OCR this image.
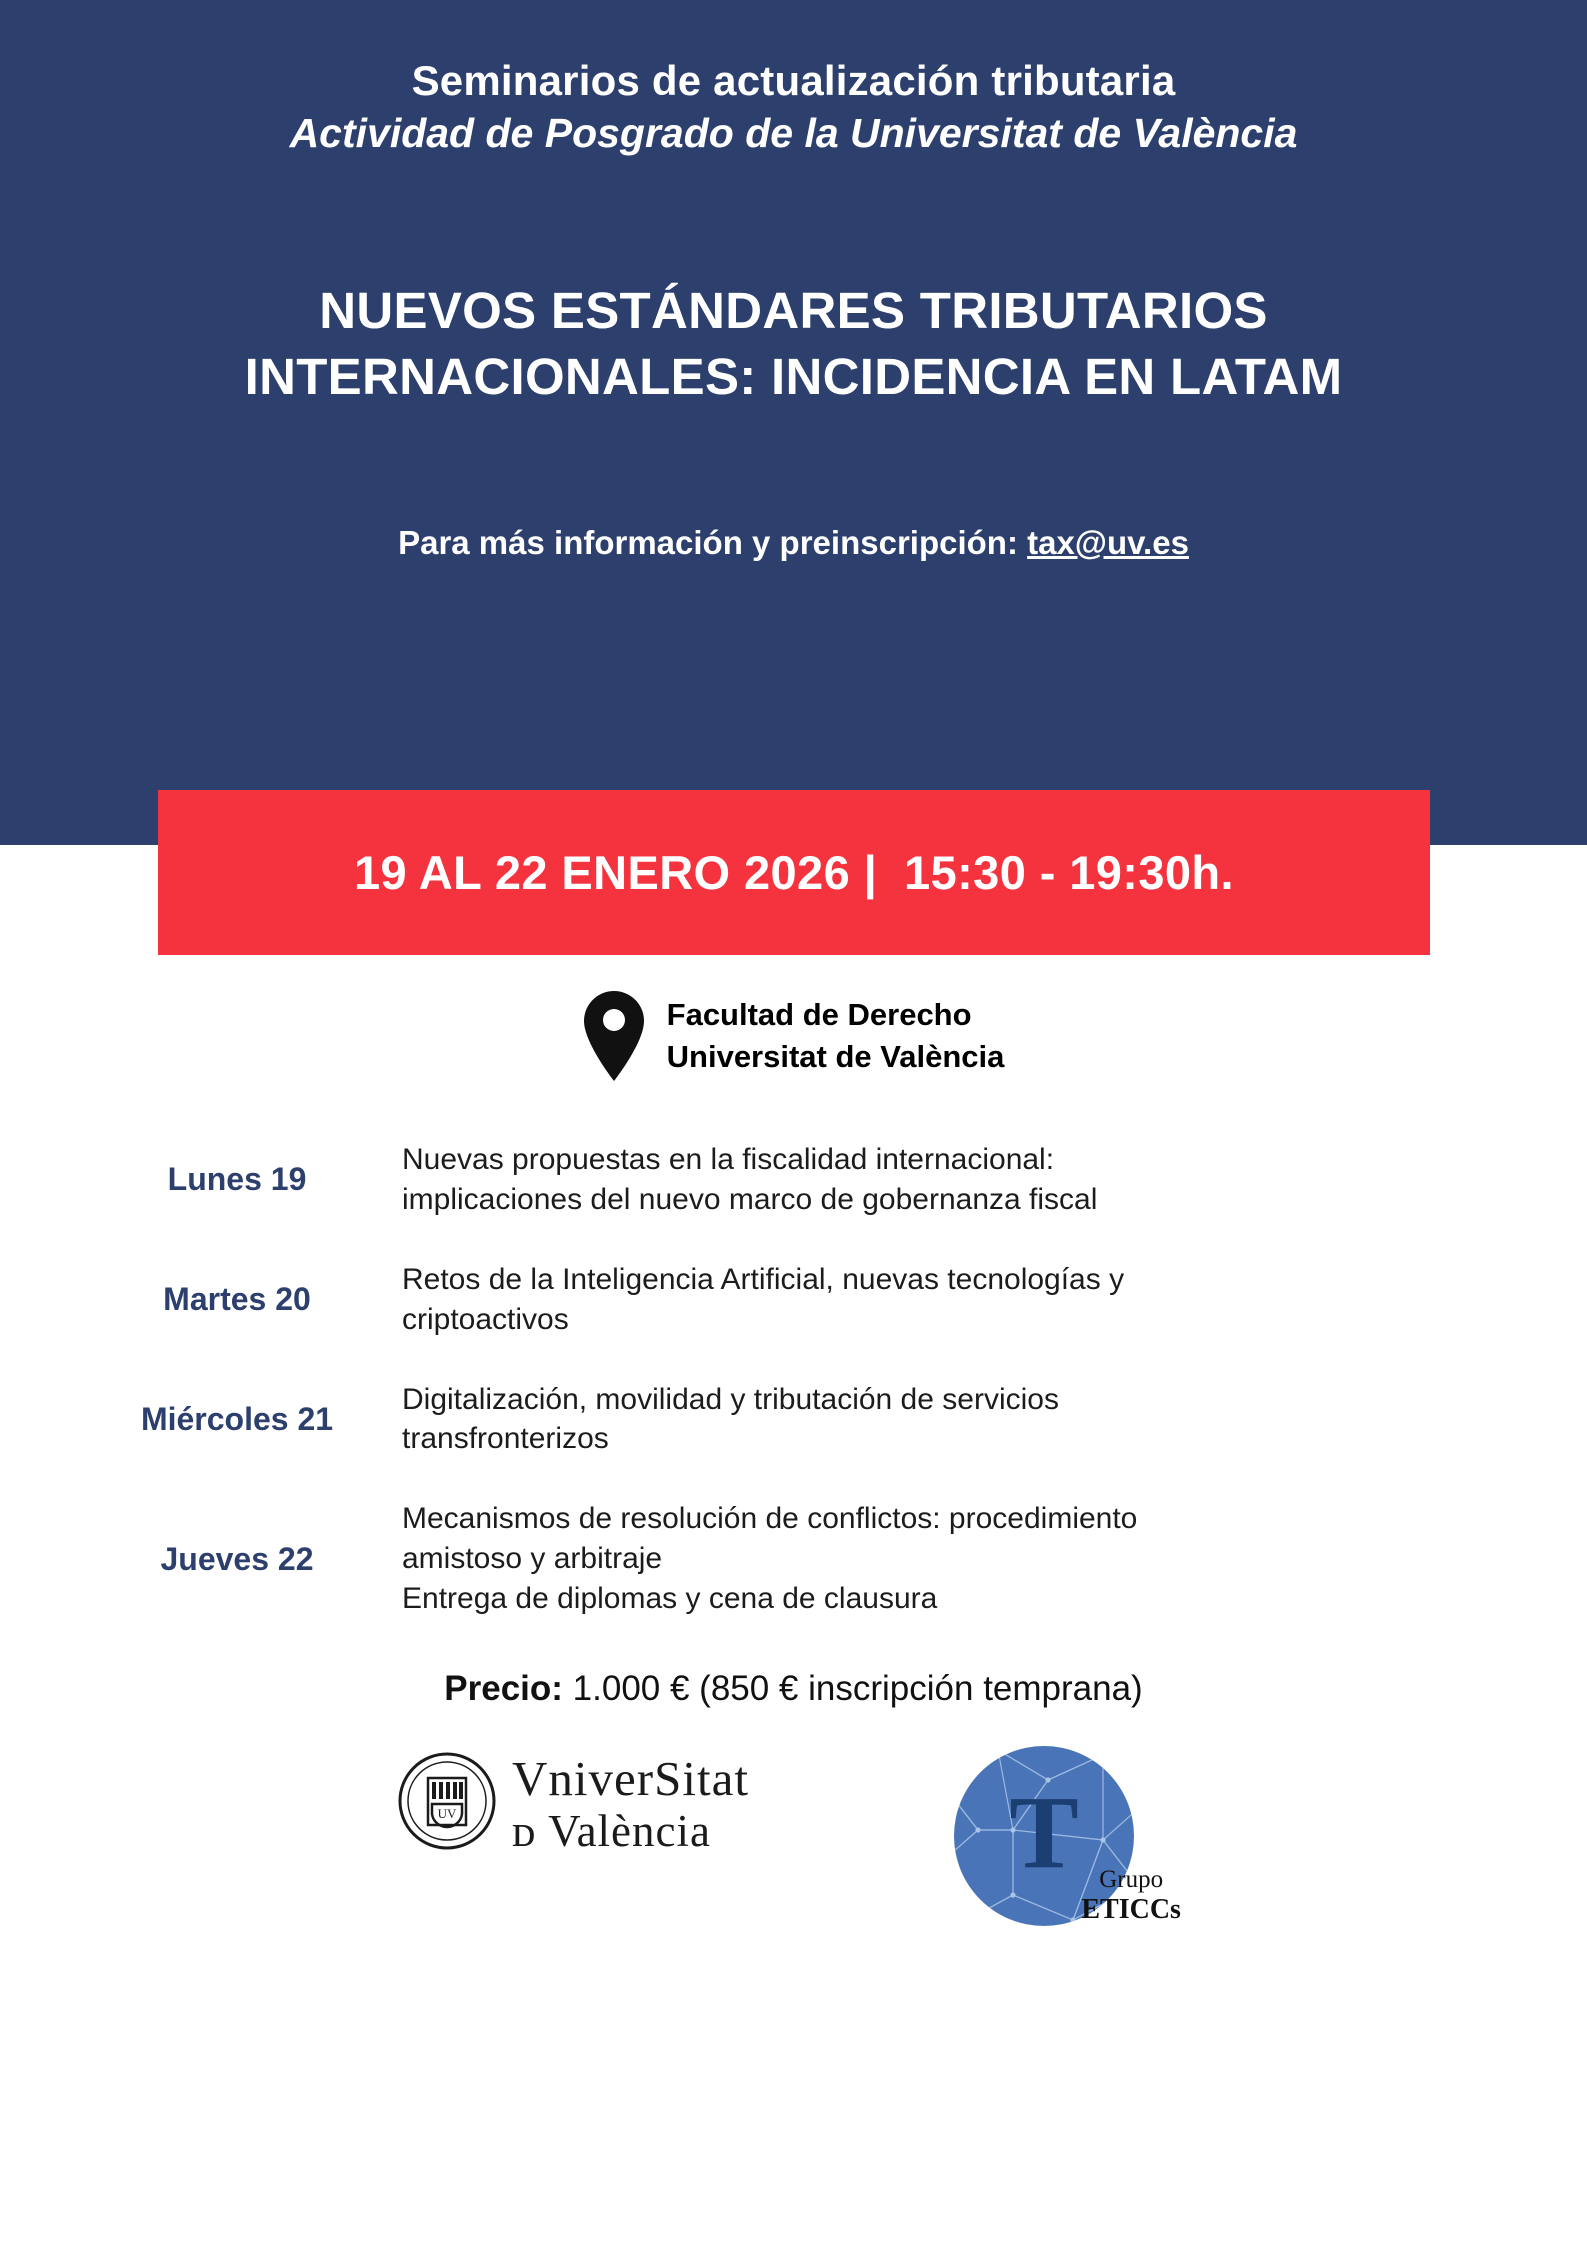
Seminarios de actualización tributaria
Actividad de Posgrado de la Universitat de València
NUEVOS ESTÁNDARES TRIBUTARIOS
INTERNACIONALES: INCIDENCIA EN LATAM
Para más información y preinscripción: tax@uv.es
19 AL 22 ENERO 2026 |  15:30 - 19:30h.
Facultad de Derecho
Universitat de València
Lunes 19
Nuevas propuestas en la fiscalidad internacional:
implicaciones del nuevo marco de gobernanza fiscal
Martes 20
Retos de la Inteligencia Artificial, nuevas tecnologías y
criptoactivos
Miércoles 21
Digitalización, movilidad y tributación de servicios
transfronterizos
Jueves 22
Mecanismos de resolución de conflictos: procedimiento
amistoso y arbitraje
Entrega de diplomas y cena de clausura
Precio: 1.000 € (850 € inscripción temprana)
UV
VniverSitat
ᴅ València	T Grupo
ETICCs
